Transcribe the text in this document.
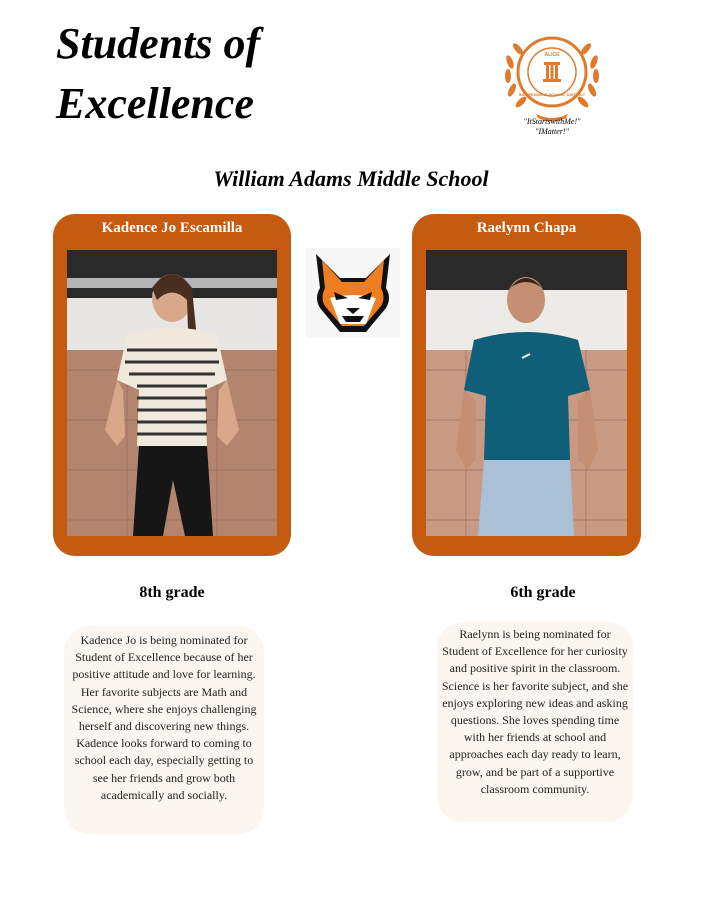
Students of
Excellence
ALICE
INDEPENDENT SCHOOL DISTRICT
"ItStartswithMe!"
"IMatter!"
William Adams Middle School
Kadence Jo Escamilla	Raelynn Chapa
8th grade	6th grade
Kadence Jo is being nominated for Student of Excellence because of her positive attitude and love for learning. Her favorite subjects are Math and Science, where she enjoys challenging herself and discovering new things. Kadence looks forward to coming to school each day, especially getting to see her friends and grow both academically and socially.
Raelynn is being nominated for Student of Excellence for her curiosity and positive spirit in the classroom. Science is her favorite subject, and she enjoys exploring new ideas and asking questions. She loves spending time with her friends at school and approaches each day ready to learn, grow, and be part of a supportive classroom community.
